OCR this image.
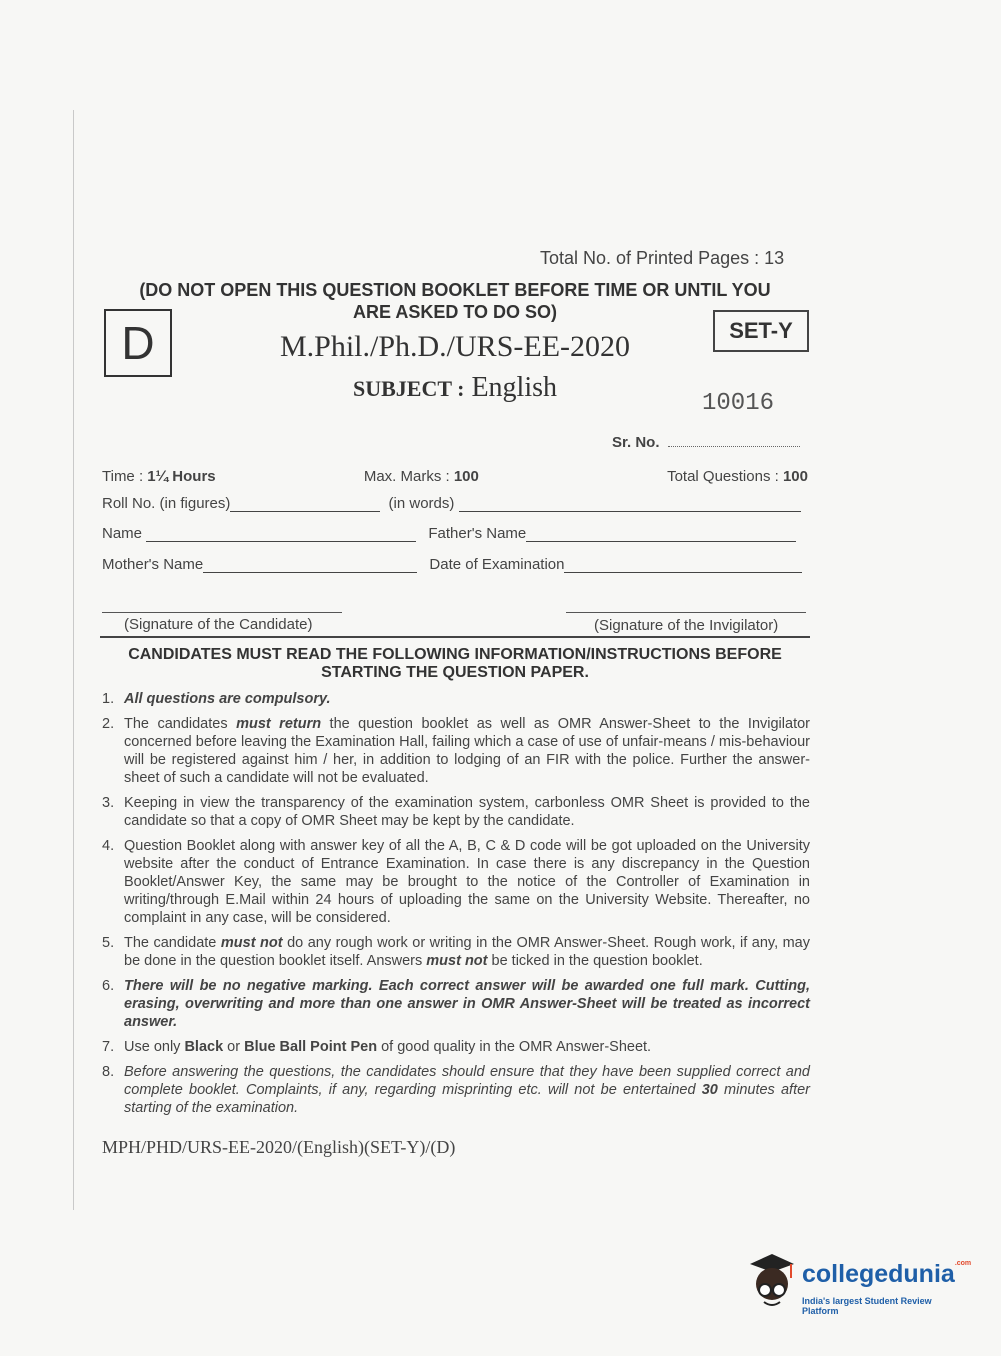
Total No. of Printed Pages : 13
(DO NOT OPEN THIS QUESTION BOOKLET BEFORE TIME OR UNTIL YOU
ARE ASKED TO DO SO)
D	SET-Y
M.Phil./Ph.D./URS-EE-2020
SUBJECT : English
10016
Sr. No.
Time : 1¼ Hours	Max. Marks : 100	Total Questions : 100
Roll No. (in figures)	(in words)
Name	Father's Name
Mother's Name	Date of Examination
(Signature of the Candidate)	(Signature of the Invigilator)
CANDIDATES MUST READ THE FOLLOWING INFORMATION/INSTRUCTIONS BEFORE
STARTING THE QUESTION PAPER.
1. All questions are compulsory.
2. The candidates must return the question booklet as well as OMR Answer-Sheet to the Invigilator concerned before leaving the Examination Hall, failing which a case of use of unfair-means / mis-behaviour will be registered against him / her, in addition to lodging of an FIR with the police. Further the answer-sheet of such a candidate will not be evaluated.
3. Keeping in view the transparency of the examination system, carbonless OMR Sheet is provided to the candidate so that a copy of OMR Sheet may be kept by the candidate.
4. Question Booklet along with answer key of all the A, B, C & D code will be got uploaded on the University website after the conduct of Entrance Examination. In case there is any discrepancy in the Question Booklet/Answer Key, the same may be brought to the notice of the Controller of Examination in writing/through E.Mail within 24 hours of uploading the same on the University Website. Thereafter, no complaint in any case, will be considered.
5. The candidate must not do any rough work or writing in the OMR Answer-Sheet. Rough work, if any, may be done in the question booklet itself. Answers must not be ticked in the question booklet.
6. There will be no negative marking. Each correct answer will be awarded one full mark. Cutting, erasing, overwriting and more than one answer in OMR Answer-Sheet will be treated as incorrect answer.
7. Use only Black or Blue Ball Point Pen of good quality in the OMR Answer-Sheet.
8. Before answering the questions, the candidates should ensure that they have been supplied correct and complete booklet. Complaints, if any, regarding misprinting etc. will not be entertained 30 minutes after starting of the examination.
MPH/PHD/URS-EE-2020/(English)(SET-Y)/(D)
collegedunia$^{.com}$
India's largest Student Review Platform
